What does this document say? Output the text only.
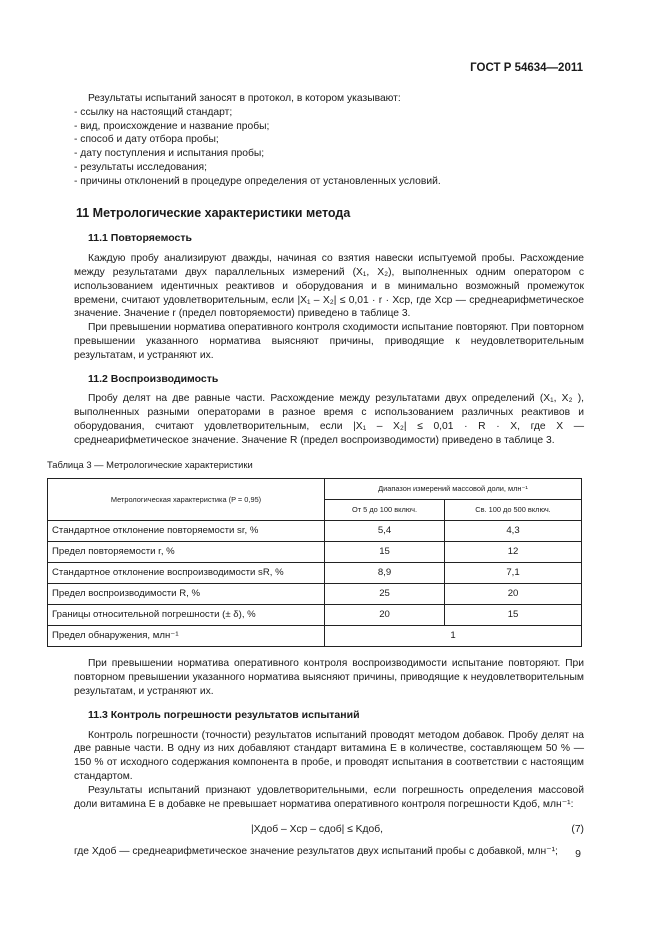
ГОСТ Р 54634—2011

Результаты испытаний заносят в протокол, в котором указывают:

- ссылку на настоящий стандарт;
- вид, происхождение и название пробы;
- способ и дату отбора пробы;
- дату поступления и испытания пробы;
- результаты исследования;
- причины отклонений в процедуре определения от установленных условий.
11 Метрологические характеристики метода
11.1 Повторяемость

Каждую пробу анализируют дважды, начиная со взятия навески испытуемой пробы. Расхождение между результатами двух параллельных измерений (X₁, X₂), выполненных одним оператором с использованием идентичных реактивов и оборудования и в минимально возможный промежуток времени, считают удовлетворительным, если |X₁ – X₂| ≤ 0,01 · r · Xср, где Xср — среднеарифметическое значение. Значение r (предел повторяемости) приведено в таблице 3.

При превышении норматива оперативного контроля сходимости испытание повторяют. При повторном превышении указанного норматива выясняют причины, приводящие к неудовлетворительным результатам, и устраняют их.

11.2 Воспроизводимость

Пробу делят на две равные части. Расхождение между результатами двух определений (X₁, X₂ ), выполненных разными операторами в разное время с использованием различных реактивов и оборудования, считают удовлетворительным, если |X₁ – X₂| ≤ 0,01 · R · X, где X — среднеарифметическое значение. Значение R (предел воспроизводимости) приведено в таблице 3.

Таблица 3 — Метрологические характеристики
Метрологическая характеристика (P = 0,95)	Диапазон измерений массовой доли, млн⁻¹	
	От 5 до 100 включ.	Св. 100 до 500 включ.
Стандартное отклонение повторяемости sr, %	5,4	4,3
Предел повторяемости r, %	15	12
Стандартное отклонение воспроизводимости sR, %	8,9	7,1
Предел воспроизводимости R, %	25	20
Границы относительной погрешности (± δ), %	20	15
Предел обнаружения, млн⁻¹	1	

При превышении норматива оперативного контроля воспроизводимости испытание повторяют. При повторном превышении указанного норматива выясняют причины, приводящие к неудовлетворительным результатам, и устраняют их.

11.3 Контроль погрешности результатов испытаний

Контроль погрешности (точности) результатов испытаний проводят методом добавок. Пробу делят на две равные части. В одну из них добавляют стандарт витамина Е в количестве, составляющем 50 % — 150 % от исходного содержания компонента в пробе, и проводят испытания в соответствии с настоящим стандартом.

Результаты испытаний признают удовлетворительными, если погрешность определения массовой доли витамина Е в добавке не превышает норматива оперативного контроля погрешности Kдоб, млн⁻¹:

|Xдоб – Xср – cдоб| ≤ Kдоб,	(7)

где Xдоб — среднеарифметическое значение результатов двух испытаний пробы с добавкой, млн⁻¹;	9
